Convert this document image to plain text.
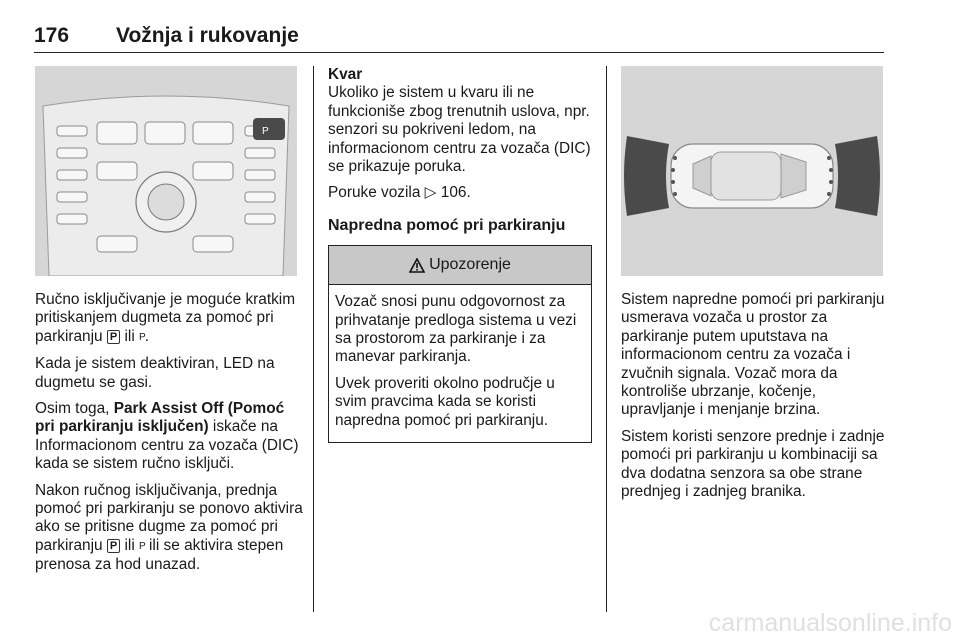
176 Vožnja i rukovanje
P

Ručno isključivanje je moguće kratkim pritiskanjem dugmeta za pomoć pri parkiranju P ili P.

Kada je sistem deaktiviran, LED na dugmetu se gasi.

Osim toga, Park Assist Off (Pomoć pri parkiranju isključen) iskače na Informacionom centru za vozača (DIC) kada se sistem ručno isključi.

Nakon ručnog isključivanja, prednja pomoć pri parkiranju se ponovo aktivira ako se pritisne dugme za pomoć pri parkiranju P ili P ili se aktivira stepen prenosa za hod unazad.

Kvar

Ukoliko je sistem u kvaru ili ne funkcioniše zbog trenutnih uslova, npr. senzori su pokriveni ledom, na informacionom centru za vozača (DIC) se prikazuje poruka.

Poruke vozila ▷ 106.

Napredna pomoć pri parkiranju
Upozorenje

Vozač snosi punu odgovornost za prihvatanje predloga sistema u vezi sa prostorom za parkiranje i za manevar parkiranja.

Uvek proveriti okolno područje u svim pravcima kada se koristi napredna pomoć pri parkiranju.

Sistem napredne pomoći pri parkiranju usmerava vozača u prostor za parkiranje putem uputstava na informacionom centru za vozača i zvučnih signala. Vozač mora da kontroliše ubrzanje, kočenje, upravljanje i menjanje brzina.

Sistem koristi senzore prednje i zadnje pomoći pri parkiranju u kombinaciji sa dva dodatna senzora sa obe strane prednjeg i zadnjeg branika.

carmanualsonline.info
